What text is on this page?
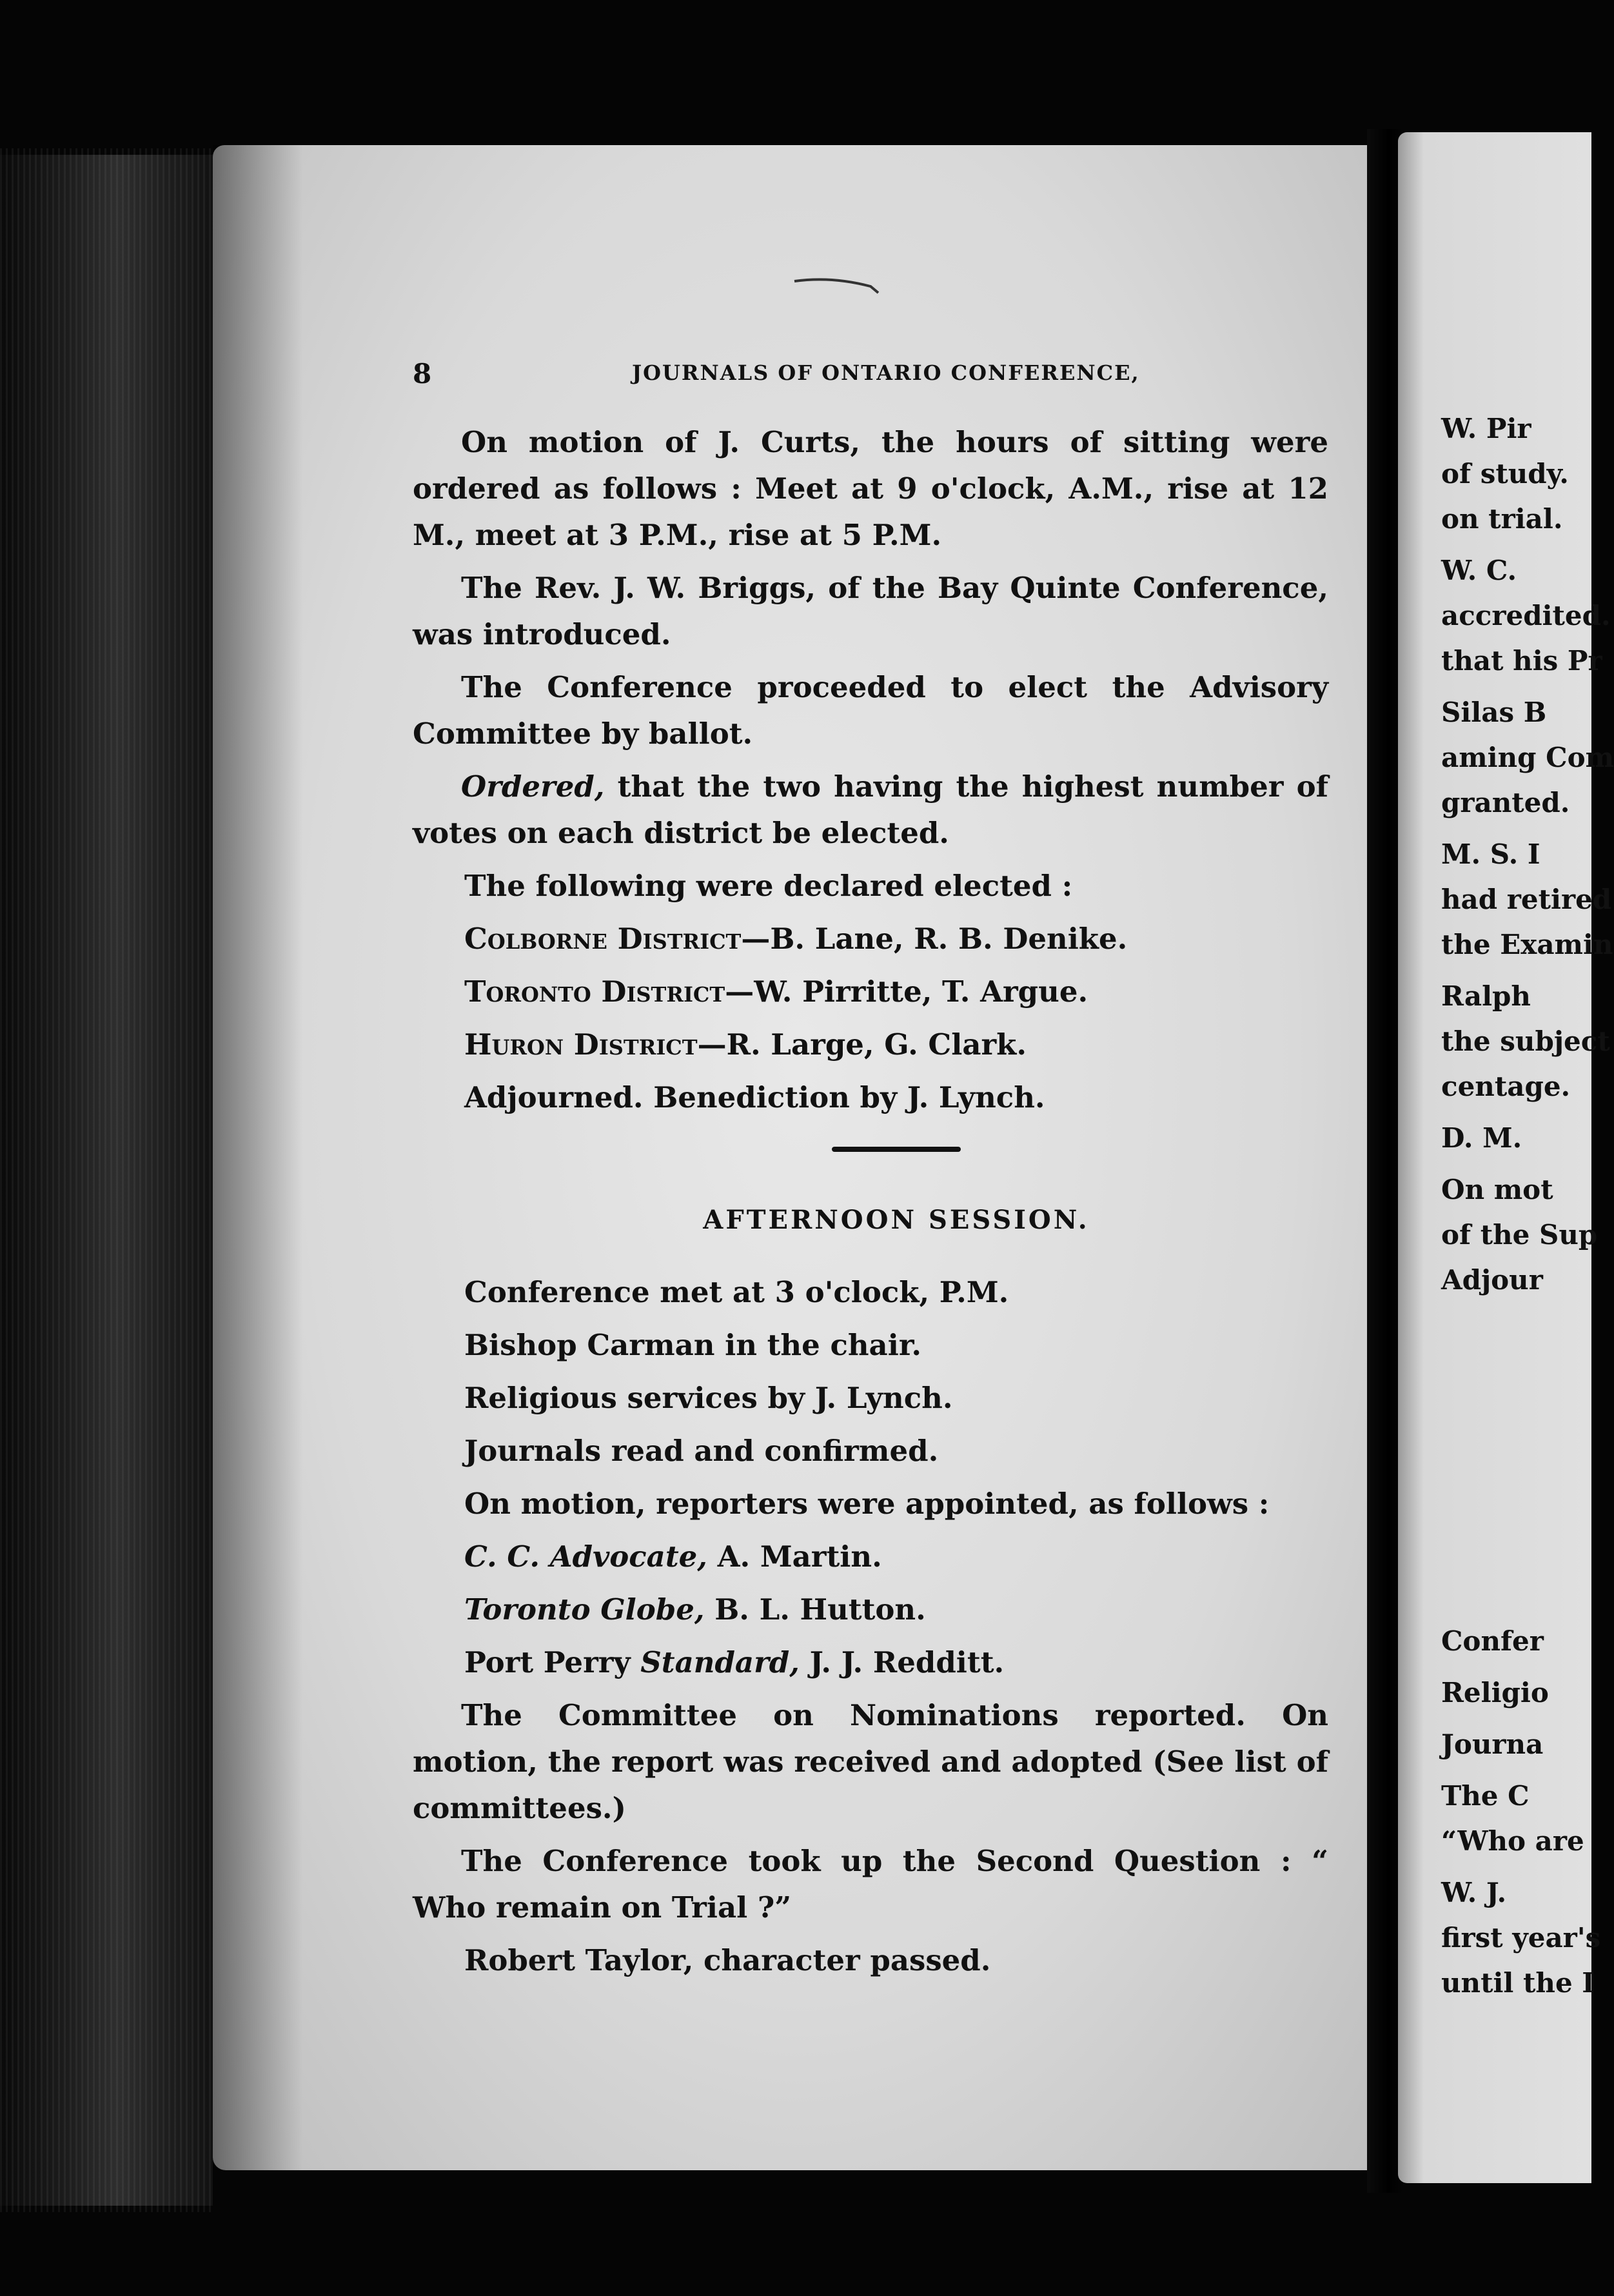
8	JOURNALS OF ONTARIO CONFERENCE,

On motion of J. Curts, the hours of sitting were ordered as follows : Meet at 9 o'clock, A.M., rise at 12 M., meet at 3 P.M., rise at 5 P.M.

The Rev. J. W. Briggs, of the Bay Quinte Conference, was introduced.

The Conference proceeded to elect the Advisory Committee by ballot.

Ordered, that the two having the highest number of votes on each district be elected.

The following were declared elected :

Colborne District—B. Lane, R. B. Denike.

Toronto District—W. Pirritte, T. Argue.

Huron District—R. Large, G. Clark.

Adjourned. Benediction by J. Lynch.

AFTERNOON SESSION.

Conference met at 3 o'clock, P.M.

Bishop Carman in the chair.

Religious services by J. Lynch.

Journals read and confirmed.

On motion, reporters were appointed, as follows :

C. C. Advocate, A. Martin.

Toronto Globe, B. L. Hutton.

Port Perry Standard, J. J. Redditt.

The Committee on Nominations reported. On motion, the report was received and adopted (See list of committees.)

The Conference took up the Second Question : “ Who remain on Trial ?”

Robert Taylor, character passed.

W. Pir
of study.
on trial.
W. C.
accredited.
that his Pr
Silas B
aming Com
granted.
M. S. I
had retired
the Examin
Ralph
the subject
centage.
D. M.
On mot
of the Sup
Adjour
Confer
Religio
Journa
The C
“Who are
W. J.
first year's
until the I
